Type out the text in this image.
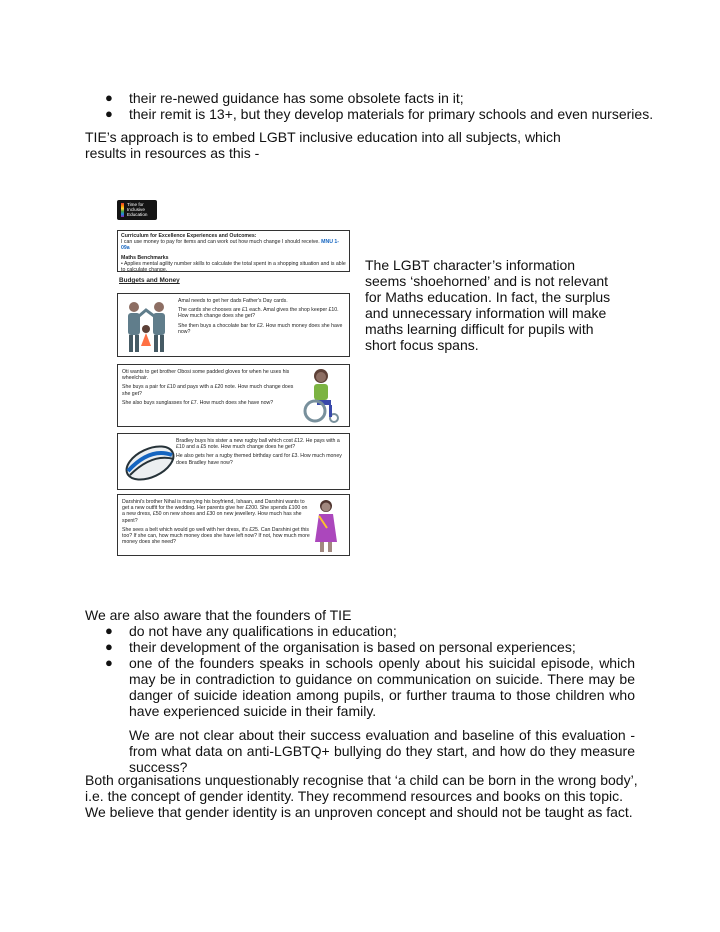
● their re-newed guidance has some obsolete facts in it;
● their remit is 13+, but they develop materials for primary schools and even nurseries.

TIE’s approach is to embed LGBT inclusive education into all subjects, which results in resources as this -

Time for
Inclusive
Education
Curriculum for Excellence Experiences and Outcomes:
I can use money to pay for items and can work out how much change I should receive. MNU 1-09a
Maths Benchmarks
• Applies mental agility number skills to calculate the total spent in a shopping situation and is able to calculate change.
Budgets and Money

Amal needs to get her dads Father's Day cards.

The cards she chooses are £1 each. Amal gives the shop keeper £10. How much change does she get?

She then buys a chocolate bar for £2. How much money does she have now?

Oti wants to get brother Obosi some padded gloves for when he uses his wheelchair.

She buys a pair for £10 and pays with a £20 note. How much change does she get?

She also buys sunglasses for £7. How much does she have now?

Bradley buys his sister a new rugby ball which cost £12. He pays with a £10 and a £5 note. How much change does he get?

He also gets her a rugby themed birthday card for £3. How much money does Bradley have now?

Darshini's brother Nihal is marrying his boyfriend, Ishaan, and Darshini wants to get a new outfit for the wedding. Her parents give her £200. She spends £100 on a new dress, £50 on new shoes and £30 on new jewellery. How much has she spent?

She sees a belt which would go well with her dress, it's £25. Can Darshini get this too? If she can, how much money does she have left now? If not, how much more money does she need?

The LGBT character’s information seems ‘shoehorned’ and is not relevant for Maths education. In fact, the surplus and unnecessary information will make maths learning difficult for pupils with short focus spans.

We are also aware that the founders of TIE

● do not have any qualifications in education;
● their development of the organisation is based on personal experiences;
● one of the founders speaks in schools openly about his suicidal episode, which may be in contradiction to guidance on communication on suicide. There may be danger of suicide ideation among pupils, or further trauma to those children who have experienced suicide in their family.

We are not clear about their success evaluation and baseline of this evaluation - from what data on anti-LGBTQ+ bullying do they start, and how do they measure success?

Both organisations unquestionably recognise that ‘a child can be born in the wrong body’, i.e. the concept of gender identity. They recommend resources and books on this topic. We believe that gender identity is an unproven concept and should not be taught as fact.
